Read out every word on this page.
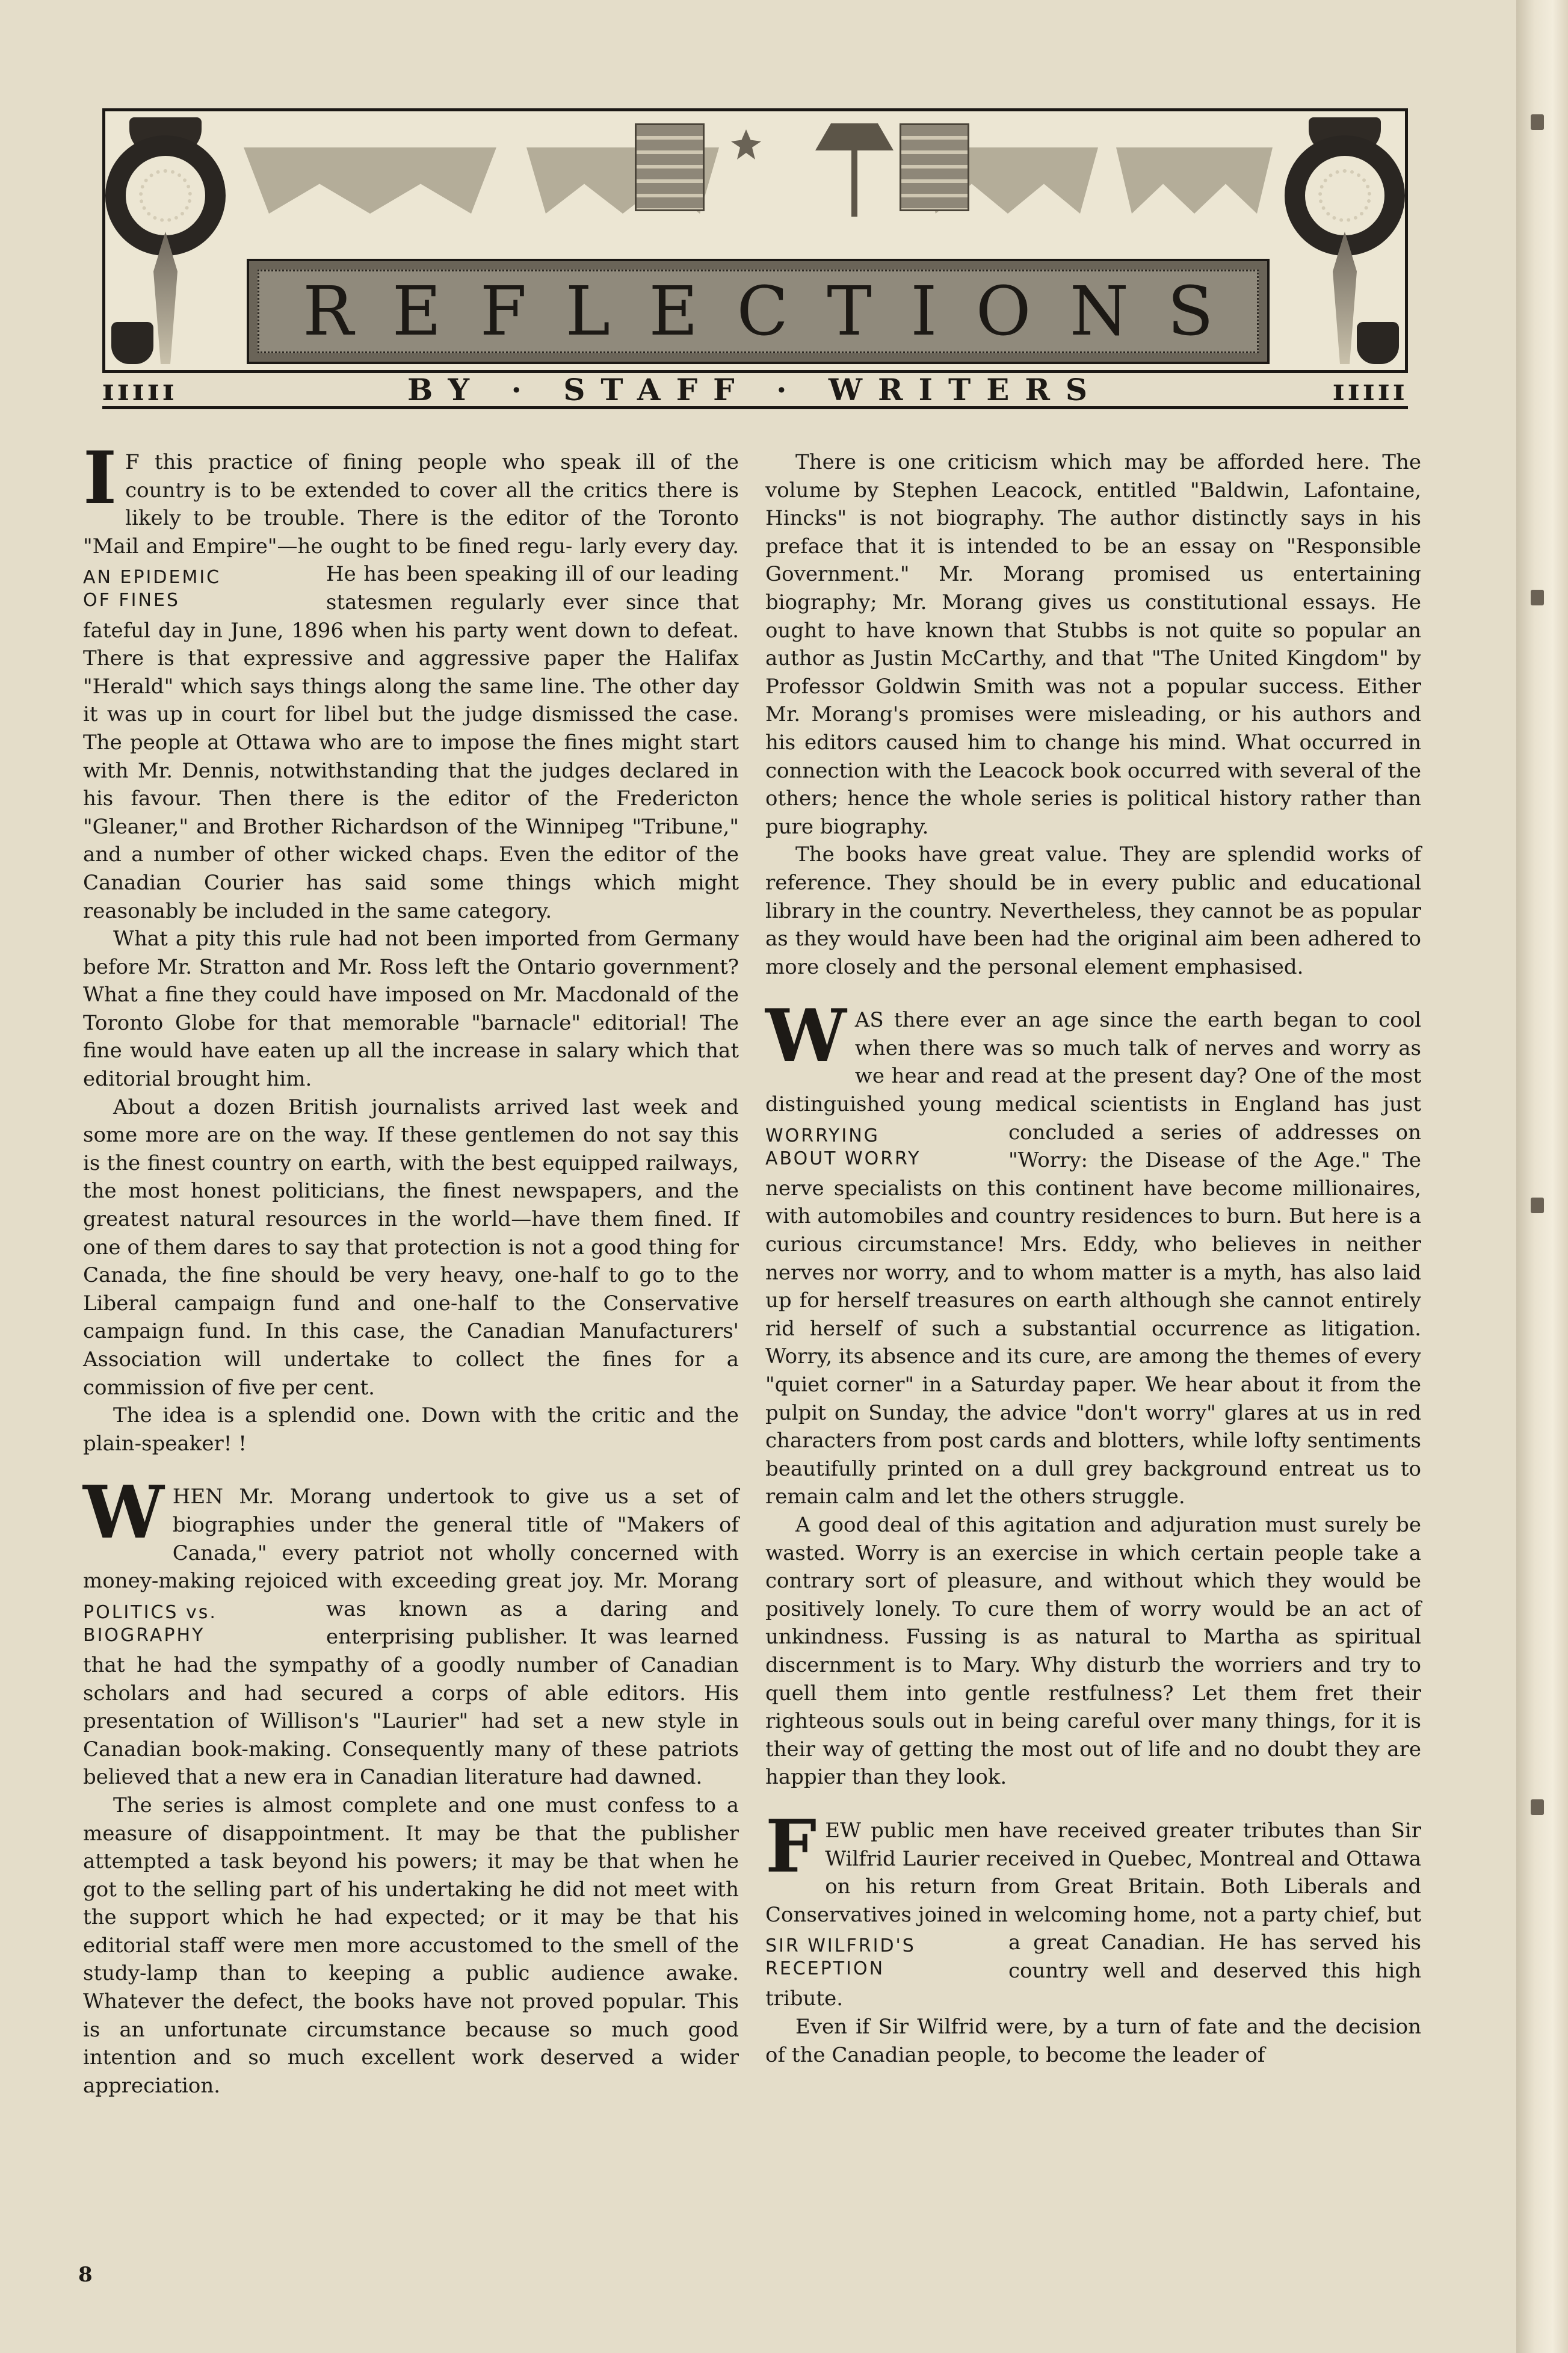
R E F L E C T I O N S
ɪɪɪɪɪ	BY · STAFF · WRITERS	ɪɪɪɪɪ

I F this practice of fining people who speak ill of the country is to be extended to cover all the critics there is likely to be trouble. There is the editor of the Toronto "Mail and Empire"—he ought to be fined regu-
AN EPIDEMIC
OF FINES
larly every day. He has been speaking ill of our leading statesmen regularly ever since that fateful day in June, 1896 when his party went down to defeat. There is that expressive and aggressive paper the Halifax "Herald" which says things along the same line. The other day it was up in court for libel but the judge dismissed the case. The people at Ottawa who are to impose the fines might start with Mr. Dennis, notwithstanding that the judges declared in his favour. Then there is the editor of the Fredericton "Gleaner," and Brother Richardson of the Winnipeg "Tribune," and a number of other wicked chaps. Even the editor of the Canadian Courier has said some things which might reasonably be included in the same category.

What a pity this rule had not been imported from Germany before Mr. Stratton and Mr. Ross left the Ontario government? What a fine they could have imposed on Mr. Macdonald of the Toronto Globe for that memorable "barnacle" editorial! The fine would have eaten up all the increase in salary which that editorial brought him.

About a dozen British journalists arrived last week and some more are on the way. If these gentlemen do not say this is the finest country on earth, with the best equipped railways, the most honest politicians, the finest newspapers, and the greatest natural resources in the world—have them fined. If one of them dares to say that protection is not a good thing for Canada, the fine should be very heavy, one-half to go to the Liberal campaign fund and one-half to the Conservative campaign fund. In this case, the Canadian Manufacturers' Association will undertake to collect the fines for a commission of five per cent.

The idea is a splendid one. Down with the critic and the plain-speaker! !

WHEN Mr. Morang undertook to give us a set of biographies under the general title of "Makers of Canada," every patriot not wholly concerned with money-making rejoiced with exceeding great joy. Mr.
POLITICS vs.
BIOGRAPHY
Morang was known as a daring and enterprising publisher. It was learned that he had the sympathy of a goodly number of Canadian scholars and had secured a corps of able editors. His presentation of Willison's "Laurier" had set a new style in Canadian book-making. Consequently many of these patriots believed that a new era in Canadian literature had dawned.

The series is almost complete and one must confess to a measure of disappointment. It may be that the publisher attempted a task beyond his powers; it may be that when he got to the selling part of his undertaking he did not meet with the support which he had expected; or it may be that his editorial staff were men more accustomed to the smell of the study-lamp than to keeping a public audience awake. Whatever the defect, the books have not proved popular. This is an unfortunate circumstance because so much good intention and so much excellent work deserved a wider appreciation.

There is one criticism which may be afforded here. The volume by Stephen Leacock, entitled "Baldwin, Lafontaine, Hincks" is not biography. The author distinctly says in his preface that it is intended to be an essay on "Responsible Government." Mr. Morang promised us entertaining biography; Mr. Morang gives us constitutional essays. He ought to have known that Stubbs is not quite so popular an author as Justin McCarthy, and that "The United Kingdom" by Professor Goldwin Smith was not a popular success. Either Mr. Morang's promises were misleading, or his authors and his editors caused him to change his mind. What occurred in connection with the Leacock book occurred with several of the others; hence the whole series is political history rather than pure biography.

The books have great value. They are splendid works of reference. They should be in every public and educational library in the country. Nevertheless, they cannot be as popular as they would have been had the original aim been adhered to more closely and the personal element emphasised.

WAS there ever an age since the earth began to cool when there was so much talk of nerves and worry as we hear and read at the present day? One of the most distinguished young medical scientists in
WORRYING
ABOUT WORRY
England has just concluded a series of addresses on "Worry: the Disease of the Age." The nerve specialists on this continent have become millionaires, with automobiles and country residences to burn. But here is a curious circumstance! Mrs. Eddy, who believes in neither nerves nor worry, and to whom matter is a myth, has also laid up for herself treasures on earth although she cannot entirely rid herself of such a substantial occurrence as litigation. Worry, its absence and its cure, are among the themes of every "quiet corner" in a Saturday paper. We hear about it from the pulpit on Sunday, the advice "don't worry" glares at us in red characters from post cards and blotters, while lofty sentiments beautifully printed on a dull grey background entreat us to remain calm and let the others struggle.

A good deal of this agitation and adjuration must surely be wasted. Worry is an exercise in which certain people take a contrary sort of pleasure, and without which they would be positively lonely. To cure them of worry would be an act of unkindness. Fussing is as natural to Martha as spiritual discernment is to Mary. Why disturb the worriers and try to quell them into gentle restfulness? Let them fret their righteous souls out in being careful over many things, for it is their way of getting the most out of life and no doubt they are happier than they look.

FEW public men have received greater tributes than Sir Wilfrid Laurier received in Quebec, Montreal and Ottawa on his return from Great Britain. Both Liberals and Conservatives joined in welcoming home,
SIR WILFRID'S
RECEPTION
not a party chief, but a great Canadian. He has served his country well and deserved this high tribute.

Even if Sir Wilfrid were, by a turn of fate and the decision of the Canadian people, to become the leader of

8
